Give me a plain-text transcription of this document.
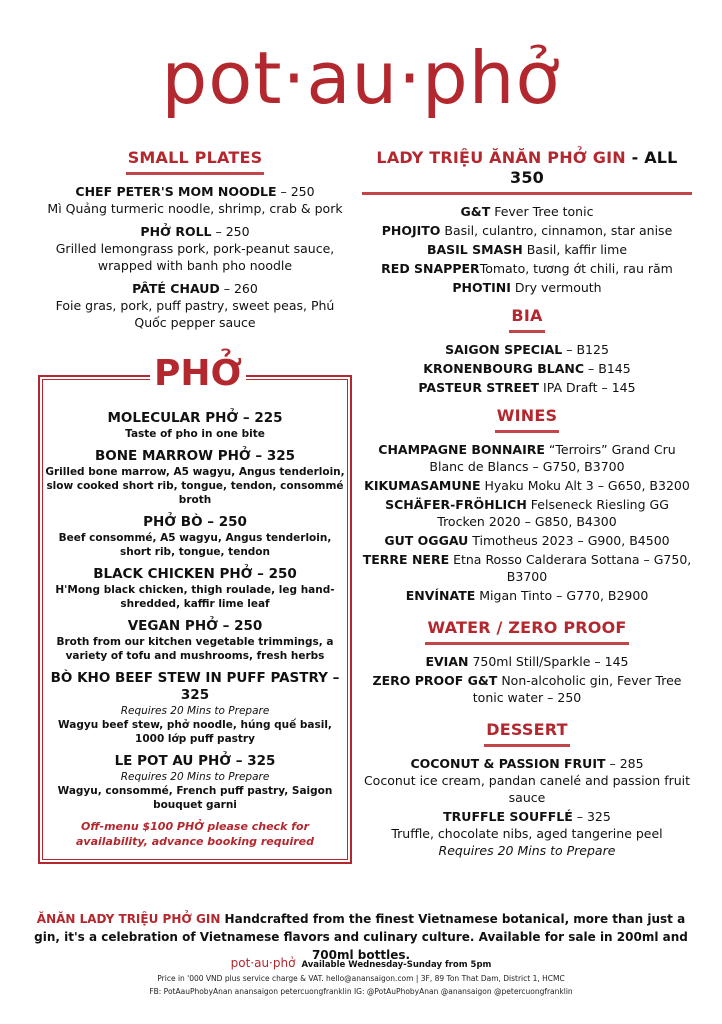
pot·au·phở
SMALL PLATES
CHEF PETER'S MOM NOODLE – 250
Mì Quảng turmeric noodle, shrimp, crab & pork
PHỞ ROLL – 250
Grilled lemongrass pork, pork-peanut sauce, wrapped with banh pho noodle
PÂTÉ CHAUD – 260
Foie gras, pork, puff pastry, sweet peas, Phú Quốc pepper sauce
PHỞ
MOLECULAR PHỞ – 225
Taste of pho in one bite
BONE MARROW PHỞ – 325
Grilled bone marrow, A5 wagyu, Angus tenderloin, slow cooked short rib, tongue, tendon, consommé broth
PHỞ BÒ – 250
Beef consommé, A5 wagyu, Angus tenderloin, short rib, tongue, tendon
BLACK CHICKEN PHỞ – 250
H'Mong black chicken, thigh roulade, leg hand-shredded, kaffir lime leaf
VEGAN PHỞ – 250
Broth from our kitchen vegetable trimmings, a variety of tofu and mushrooms, fresh herbs
BÒ KHO BEEF STEW IN PUFF PASTRY – 325
Requires 20 Mins to Prepare
Wagyu beef stew, phở noodle, húng quế basil, 1000 lớp puff pastry
LE POT AU PHỞ – 325
Requires 20 Mins to Prepare
Wagyu, consommé, French puff pastry, Saigon bouquet garni
Off-menu $100 PHỞ please check for availability, advance booking required
LADY TRIỆU ĂNĂN PHỞ GIN - ALL 350
G&T Fever Tree tonic
PHOJITO Basil, culantro, cinnamon, star anise
BASIL SMASH Basil, kaffir lime
RED SNAPPERTomato, tương ớt chili, rau răm
PHOTINI Dry vermouth
BIA
SAIGON SPECIAL – B125
KRONENBOURG BLANC – B145
PASTEUR STREET IPA Draft – 145
WINES
CHAMPAGNE BONNAIRE “Terroirs” Grand Cru Blanc de Blancs – G750, B3700
KIKUMASAMUNE Hyaku Moku Alt 3 – G650, B3200
SCHÄFER-FRÖHLICH Felseneck Riesling GG Trocken 2020 – G850, B4300
GUT OGGAU Timotheus 2023 – G900, B4500
TERRE NERE Etna Rosso Calderara Sottana – G750, B3700
ENVÍNATE Migan Tinto – G770, B2900
WATER / ZERO PROOF
EVIAN 750ml Still/Sparkle – 145
ZERO PROOF G&T Non-alcoholic gin, Fever Tree tonic water – 250
DESSERT
COCONUT & PASSION FRUIT – 285
Coconut ice cream, pandan canelé and passion fruit sauce
TRUFFLE SOUFFLÉ – 325
Truffle, chocolate nibs, aged tangerine peel
Requires 20 Mins to Prepare
ĂNĂN LADY TRIỆU PHỞ GIN Handcrafted from the finest Vietnamese botanical, more than just a gin, it's a celebration of Vietnamese flavors and culinary culture. Available for sale in 200ml and 700ml bottles.
pot·au·phở Available Wednesday-Sunday from 5pm
Price in '000 VND plus service charge & VAT. hello@anansaigon.com | 3F, 89 Ton That Dam, District 1, HCMC
FB: PotAauPhobyAnan anansaigon petercuongfranklin IG: @PotAuPhobyAnan @anansaigon @petercuongfranklin
